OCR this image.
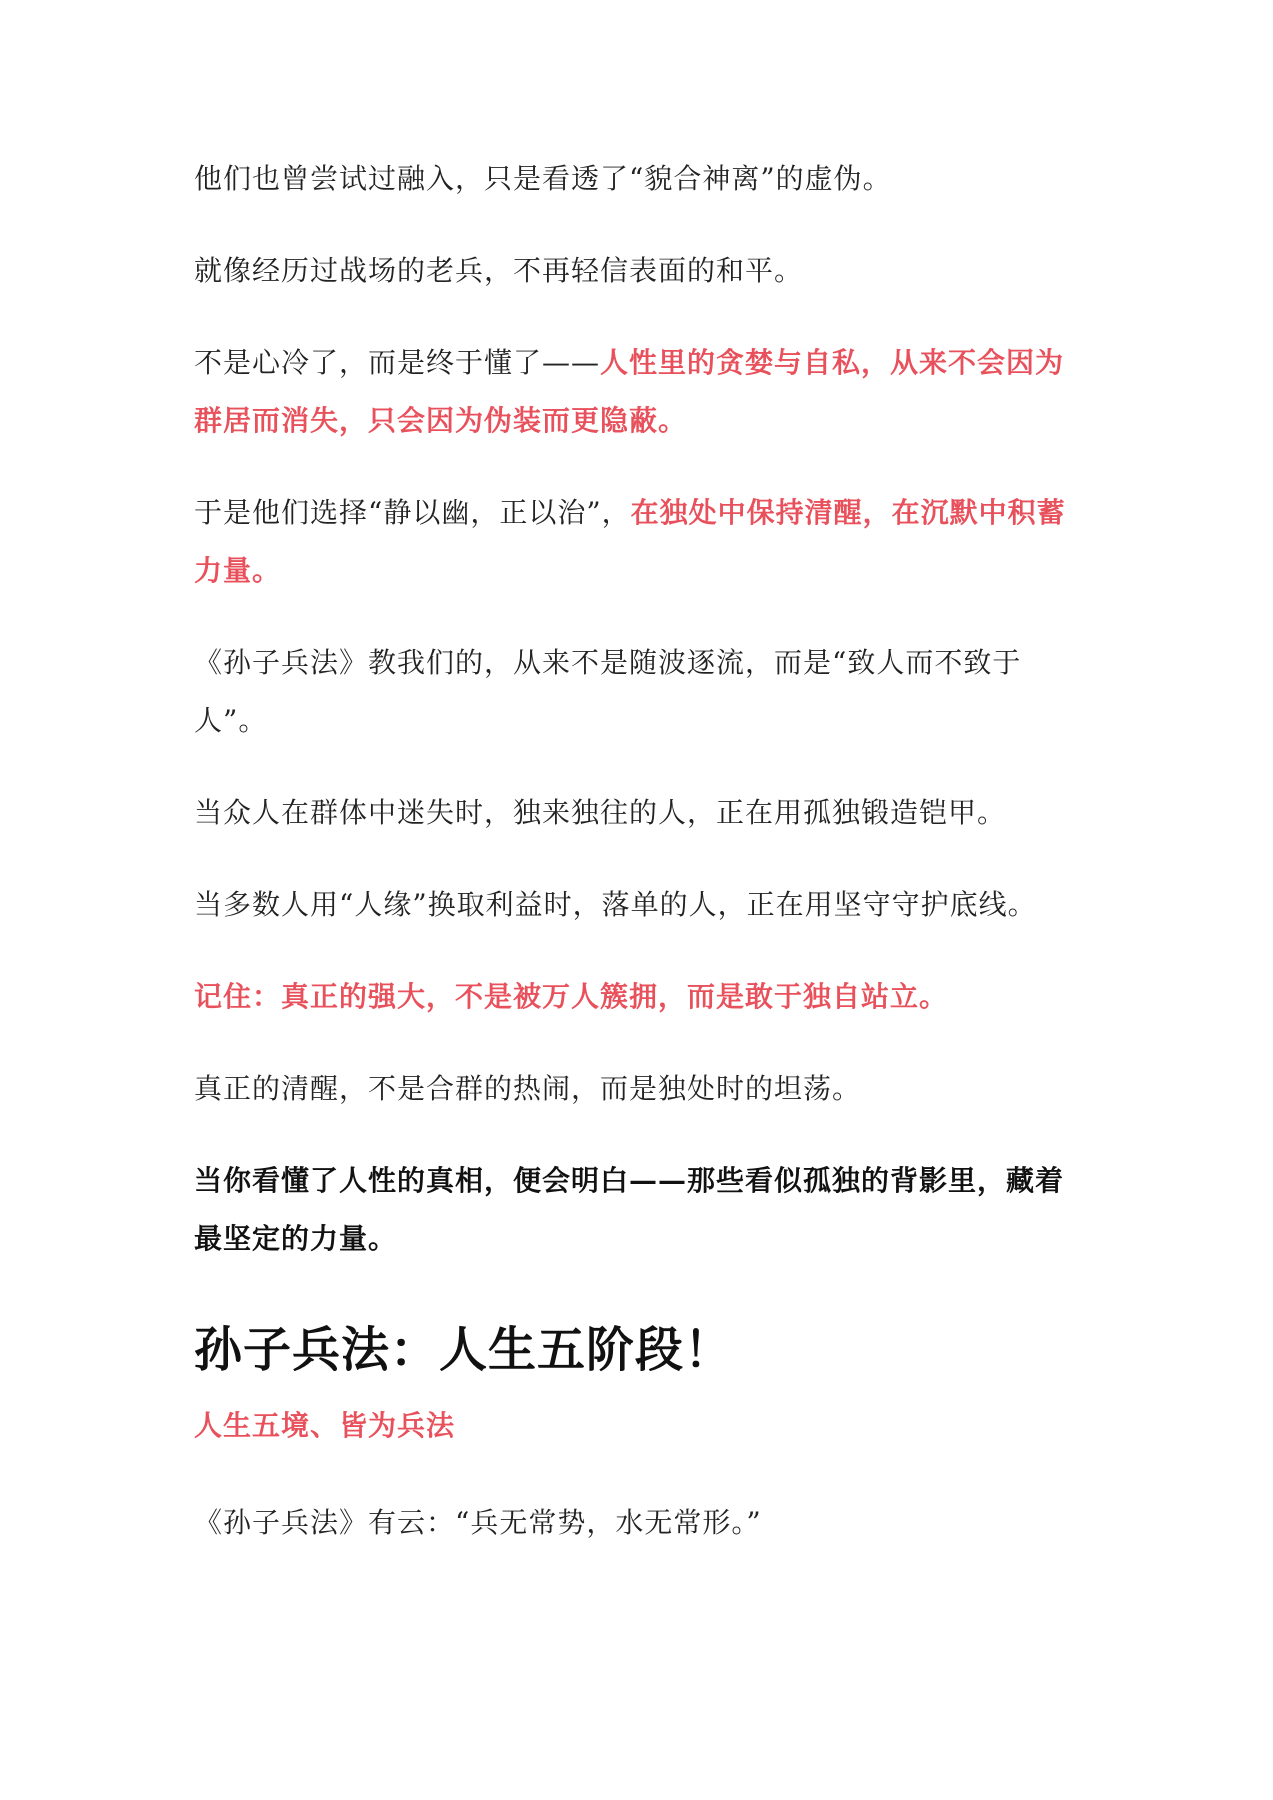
他们也曾尝试过融入，只是看透了“貌合神离”的虚伪。

就像经历过战场的老兵，不再轻信表面的和平。

不是心冷了，而是终于懂了——人性里的贪婪与自私，从来不会因为群居而消失，只会因为伪装而更隐蔽。

于是他们选择“静以幽，正以治”，在独处中保持清醒，在沉默中积蓄力量。

《孙子兵法》教我们的，从来不是随波逐流，而是“致人而不致于人”。

当众人在群体中迷失时，独来独往的人，正在用孤独锻造铠甲。

当多数人用“人缘”换取利益时，落单的人，正在用坚守守护底线。

记住：真正的强大，不是被万人簇拥，而是敢于独自站立。

真正的清醒，不是合群的热闹，而是独处时的坦荡。

当你看懂了人性的真相，便会明白——那些看似孤独的背影里，藏着最坚定的力量。

孙子兵法：人生五阶段！
人生五境、皆为兵法

《孙子兵法》有云：“兵无常势，水无常形。”
